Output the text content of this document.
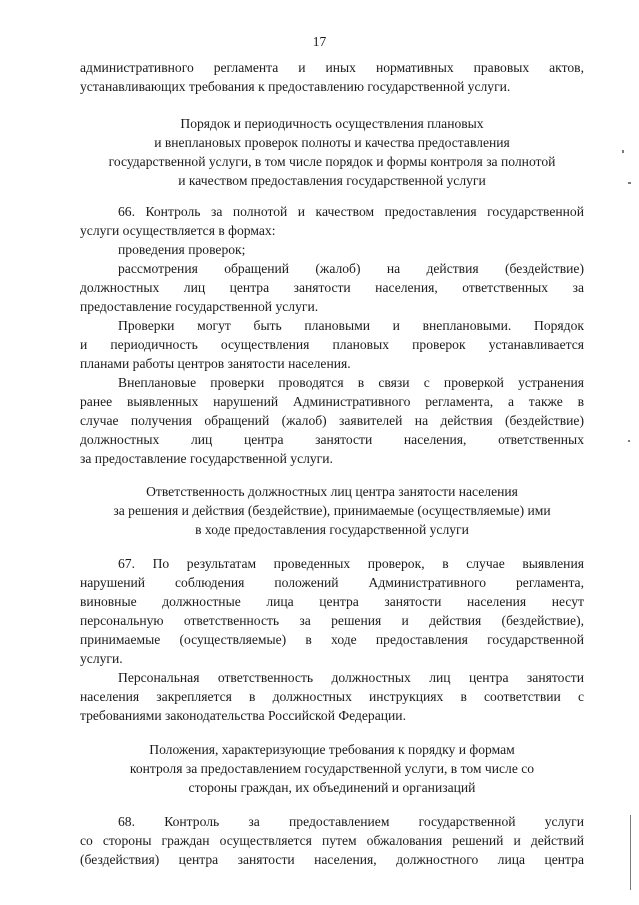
17
административного регламента и иных нормативных правовых актов,
устанавливающих требования к предоставлению государственной услуги.
Порядок и периодичность осуществления плановых
и внеплановых проверок полноты и качества предоставления
государственной услуги, в том числе порядок и формы контроля за полнотой
и качеством предоставления государственной услуги
66. Контроль за полнотой и качеством предоставления государственной
услуги осуществляется в формах:
проведения проверок;
рассмотрения обращений (жалоб) на действия (бездействие)
должностных лиц центра занятости населения, ответственных за
предоставление государственной услуги.
Проверки могут быть плановыми и внеплановыми. Порядок
и периодичность осуществления плановых проверок устанавливается
планами работы центров занятости населения.
Внеплановые проверки проводятся в связи с проверкой устранения
ранее выявленных нарушений Административного регламента, а также в
случае получения обращений (жалоб) заявителей на действия (бездействие)
должностных лиц центра занятости населения, ответственных
за предоставление государственной услуги.
Ответственность должностных лиц центра занятости населения
за решения и действия (бездействие), принимаемые (осуществляемые) ими
в ходе предоставления государственной услуги
67. По результатам проведенных проверок, в случае выявления
нарушений соблюдения положений Административного регламента,
виновные должностные лица центра занятости населения несут
персональную ответственность за решения и действия (бездействие),
принимаемые (осуществляемые) в ходе предоставления государственной
услуги.
Персональная ответственность должностных лиц центра занятости
населения закрепляется в должностных инструкциях в соответствии с
требованиями законодательства Российской Федерации.
Положения, характеризующие требования к порядку и формам
контроля за предоставлением государственной услуги, в том числе со
стороны граждан, их объединений и организаций
68. Контроль за предоставлением государственной услуги
со стороны граждан осуществляется путем обжалования решений и действий
(бездействия) центра занятости населения, должностного лица центра
